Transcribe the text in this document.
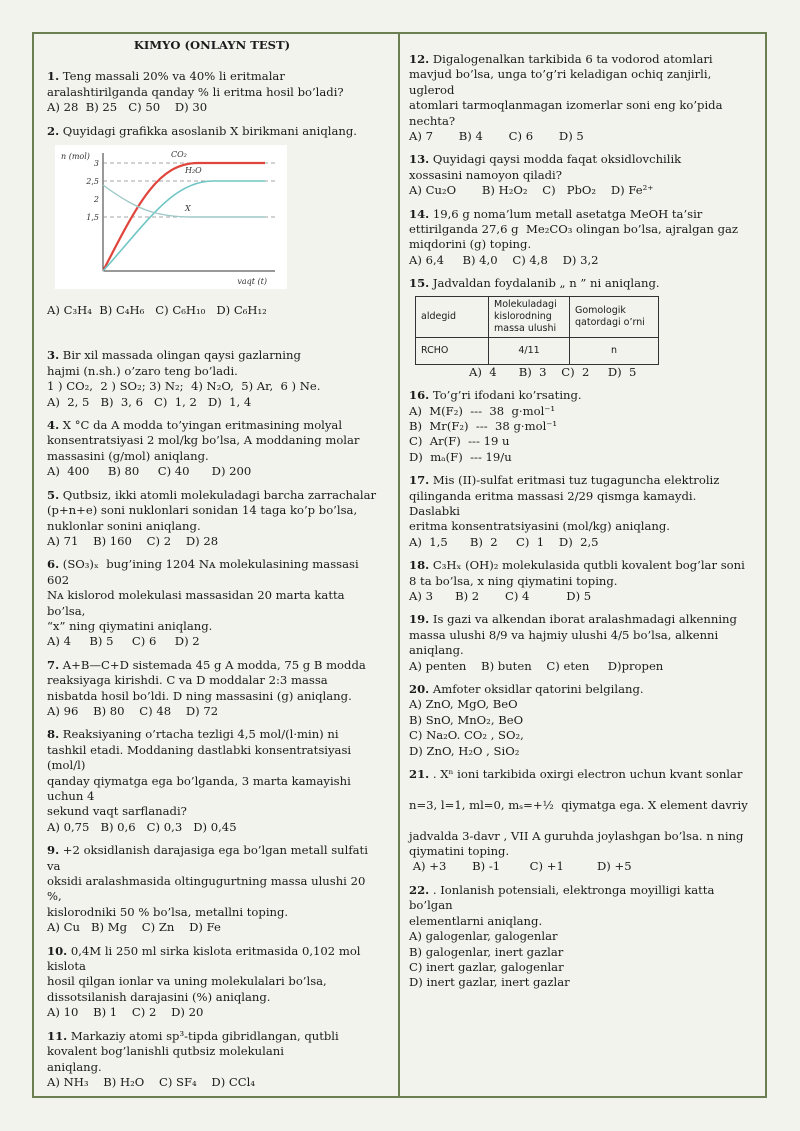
KIMYO (ONLAYN TEST)

1. Teng massali 20% va 40% li eritmalar

aralashtirilganda qanday % li eritma hosil bo’ladi?

A) 28  B) 25   C) 50    D) 30

2. Quyidagi grafikka asoslanib X birikmani aniqlang.

3
2,5
2
1,5
n (mol)
vaqt (t)
CO₂
H₂O
X

A) C₃H₄  B) C₄H₆   C) C₆H₁₀   D) C₆H₁₂

3. Bir xil massada olingan qaysi gazlarning

hajmi (n.sh.) o’zaro teng bo’ladi.

1 ) CO₂,  2 ) SO₂; 3) N₂;  4) N₂O,  5) Ar,  6 ) Ne.

A)  2, 5   B)  3, 6   C)  1, 2   D)  1, 4

4. X °C da A modda to’yingan eritmasining molyal

konsentratsiyasi 2 mol/kg bo’lsa, A moddaning molar

massasini (g/mol) aniqlang.

A)  400     B) 80     C) 40      D) 200

5. Qutbsiz, ikki atomli molekuladagi barcha zarrachalar

(p+n+e) soni nuklonlari sonidan 14 taga ko’p bo’lsa,

nuklonlar sonini aniqlang.

A) 71    B) 160    C) 2    D) 28

6. (SO₃)ₓ  bug’ining 1204 Nᴀ molekulasining massasi 602

Nᴀ kislorod molekulasi massasidan 20 marta katta bo’lsa,

“x” ning qiymatini aniqlang.

A) 4     B) 5     C) 6     D) 2

7. A+B—C+D sistemada 45 g A modda, 75 g B modda

reaksiyaga kirishdi. C va D moddalar 2:3 massa

nisbatda hosil bo’ldi. D ning massasini (g) aniqlang.

A) 96    B) 80    C) 48    D) 72

8. Reaksiyaning o’rtacha tezligi 4,5 mol/(l·min) ni

tashkil etadi. Moddaning dastlabki konsentratsiyasi (mol/l)

qanday qiymatga ega bo’lganda, 3 marta kamayishi uchun 4

sekund vaqt sarflanadi?

A) 0,75   B) 0,6   C) 0,3   D) 0,45

9. +2 oksidlanish darajasiga ega bo’lgan metall sulfati va

oksidi aralashmasida oltingugurtning massa ulushi 20 %,

kislorodniki 50 % bo’lsa, metallni toping.

A) Cu   B) Mg    C) Zn    D) Fe

10. 0,4M li 250 ml sirka kislota eritmasida 0,102 mol kislota

hosil qilgan ionlar va uning molekulalari bo’lsa,

dissotsilanish darajasini (%) aniqlang.

A) 10    B) 1    C) 2    D) 20

11. Markaziy atomi sp³-tipda gibridlangan, qutbli

kovalent bog’lanishli qutbsiz molekulani

aniqlang.

A) NH₃    B) H₂O    C) SF₄    D) CCl₄

12. Digalogenalkan tarkibida 6 ta vodorod atomlari

mavjud bo’lsa, unga to’g’ri keladigan ochiq zanjirli, uglerod

atomlari tarmoqlanmagan izomerlar soni eng ko’pida

nechta?

A) 7       B) 4       C) 6       D) 5

13. Quyidagi qaysi modda faqat oksidlovchilik

xossasini namoyon qiladi?

A) Cu₂O       B) H₂O₂    C)   PbO₂    D) Fe²⁺

14. 19,6 g noma’lum metall asetatga MeOH ta’sir

ettirilganda 27,6 g  Me₂CO₃ olingan bo’lsa, ajralgan gaz

miqdorini (g) toping.

A) 6,4     B) 4,0    C) 4,8    D) 3,2

15. Jadvaldan foydalanib „ n ” ni aniqlang.

aldegid	Molekuladagi kislorodning massa ulushi	Gomologik qatordagi o’rni
RCHO	4/11	n

A)  4      B)  3    C)  2     D)  5

16. To’g’ri ifodani ko’rsating.

A)  M(F₂)  ---  38  g·mol⁻¹

B)  Mr(F₂)  ---  38 g·mol⁻¹

C)  Ar(F)  --- 19 u

D)  mₐ(F)  --- 19/u

17. Mis (II)-sulfat eritmasi tuz tugaguncha elektroliz

qilinganda eritma massasi 2/29 qismga kamaydi. Daslabki

eritma konsentratsiyasini (mol/kg) aniqlang.

A)  1,5      B)  2     C)  1    D)  2,5

18. C₃Hₓ (OH)₂ molekulasida qutbli kovalent bog’lar soni

8 ta bo’lsa, x ning qiymatini toping.

A) 3      B) 2       C) 4          D) 5

19. Is gazi va alkendan iborat aralashmadagi alkenning

massa ulushi 8/9 va hajmiy ulushi 4/5 bo’lsa, alkenni

aniqlang.

A) penten    B) buten    C) eten     D)propen

20. Amfoter oksidlar qatorini belgilang.

A) ZnO, MgO, BeO

B) SnO, MnO₂, BeO

C) Na₂O. CO₂ , SO₂,

D) ZnO, H₂O , SiO₂

21. . Xⁿ ioni tarkibida oxirgi electron uchun kvant sonlar

n=3, l=1, ml=0, mₛ=+½  qiymatga ega. X element davriy

jadvalda 3-davr , VII A guruhda joylashgan bo’lsa. n ning

qiymatini toping.

A) +3       B) -1        C) +1         D) +5

22. . Ionlanish potensiali, elektronga moyilligi katta bo’lgan

elementlarni aniqlang.

A) galogenlar, galogenlar

B) galogenlar, inert gazlar

C) inert gazlar, galogenlar

D) inert gazlar, inert gazlar
